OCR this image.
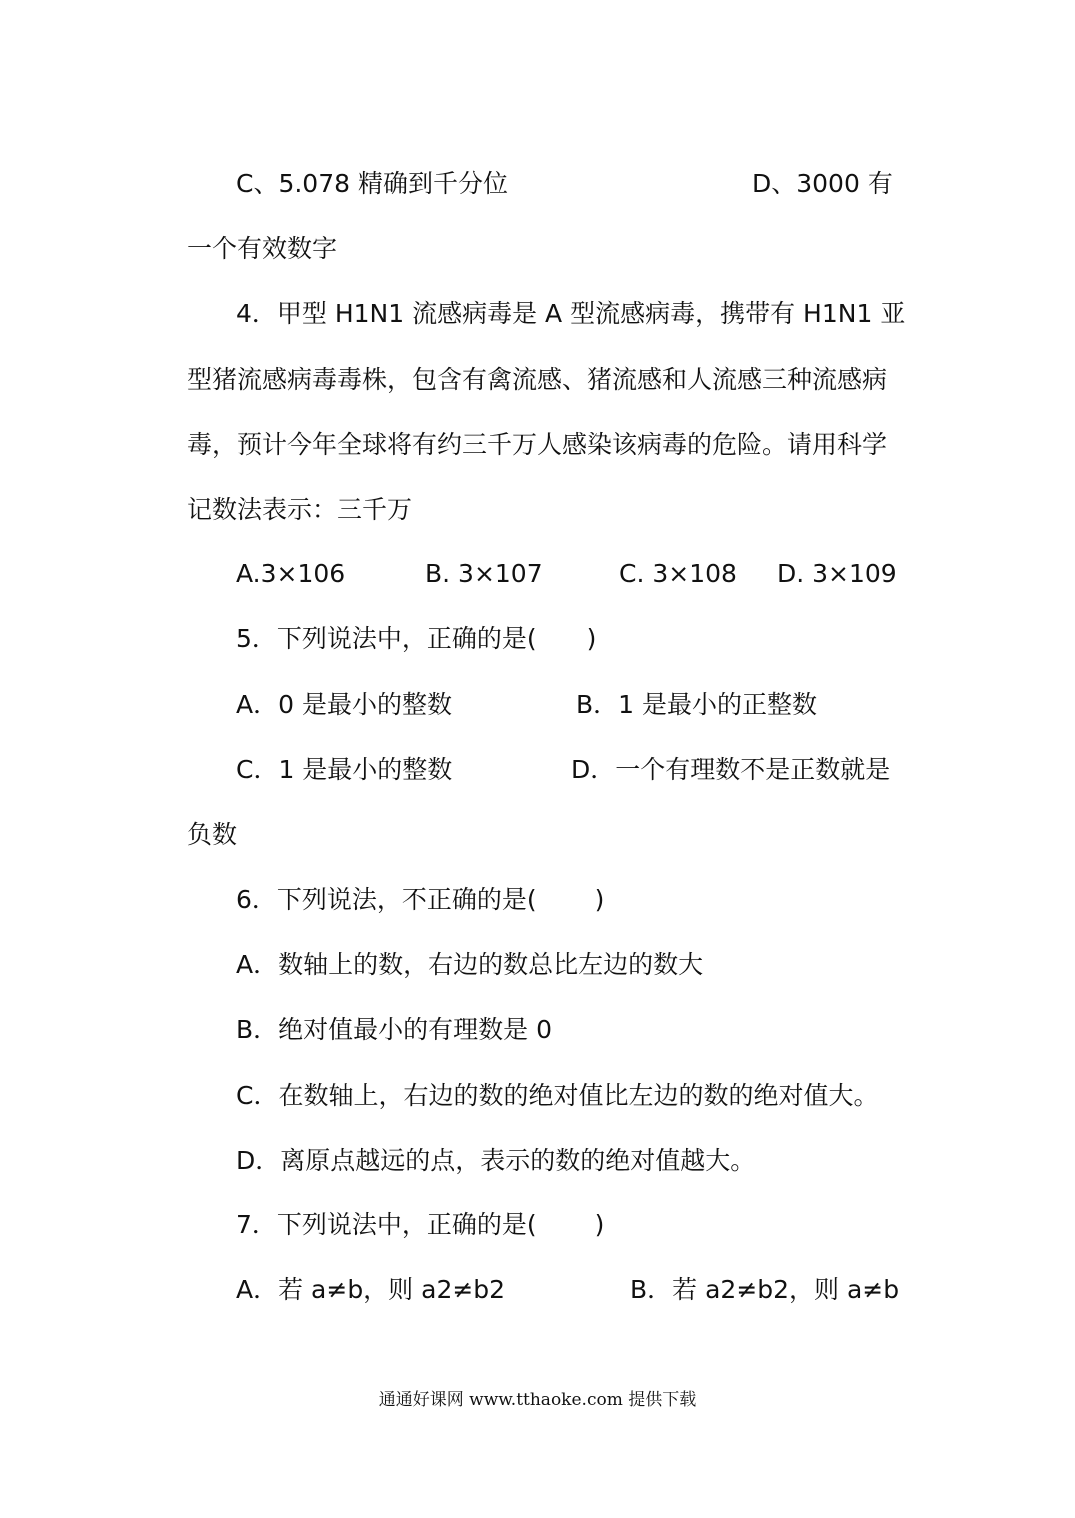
C、5.078 精确到千分位	D、3000 有

一个有效数字

4．甲型 H1N1 流感病毒是 A 型流感病毒，携带有 H1N1 亚

型猪流感病毒毒株，包含有禽流感、猪流感和人流感三种流感病

毒，预计今年全球将有约三千万人感染该病毒的危险。请用科学

记数法表示：三千万

A.3×106	B. 3×107	C. 3×108 D. 3×109

5．下列说法中，正确的是(　　)

A．0 是最小的整数	B．1 是最小的正整数

C．1 是最小的整数	D．一个有理数不是正数就是

负数

6．下列说法，不正确的是(　　 )

A．数轴上的数，右边的数总比左边的数大

B．绝对值最小的有理数是 0

C．在数轴上，右边的数的绝对值比左边的数的绝对值大。

D．离原点越远的点，表示的数的绝对值越大。

7．下列说法中，正确的是(　　 )

A．若 a≠b，则 a2≠b2	B．若 a2≠b2，则 a≠b

通通好课网 www.tthaoke.com 提供下载
